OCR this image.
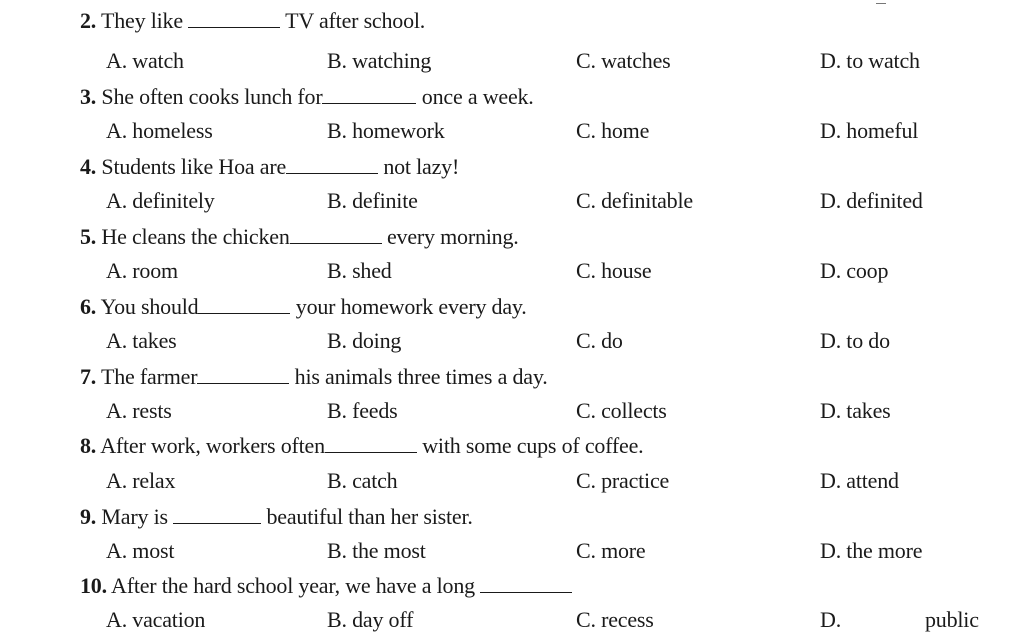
2. They like	TV after school.
A. watch	B. watching	C. watches	D. to watch
3. She often cooks lunch for	once a week.
A. homeless	B. homework	C. home	D. homeful
4. Students like Hoa are	not lazy!
A. definitely	B. definite	C. definitable	D. definited
5. He cleans the chicken	every morning.
A. room	B. shed	C. house	D. coop
6. You should	your homework every day.
A. takes	B. doing	C. do	D. to do
7. The farmer	his animals three times a day.
A. rests	B. feeds	C. collects	D. takes
8. After work, workers often	with some cups of coffee.
A. relax	B. catch	C. practice	D. attend
9. Mary is	beautiful than her sister.
A. most	B. the most	C. more	D. the more
10. After the hard school year, we have a long
A. vacation	B. day off	C. recess	D.	public
